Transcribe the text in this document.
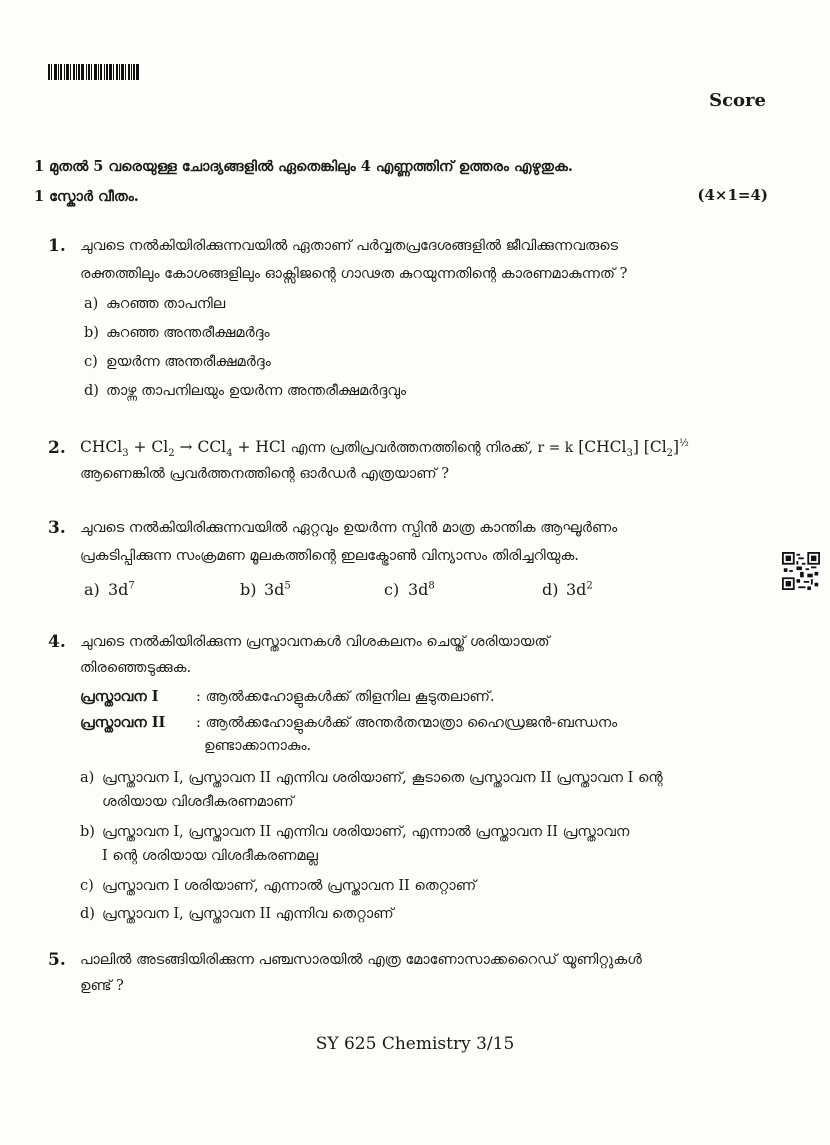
Score
1 മുതൽ 5 വരെയുള്ള ചോദ്യങ്ങളിൽ ഏതെങ്കിലും 4 എണ്ണത്തിന് ഉത്തരം എഴുതുക.
1 സ്കോർ വീതം.	(4×1=4)
1. ചുവടെ നൽകിയിരിക്കുന്നവയിൽ ഏതാണ് പർവ്വതപ്രദേശങ്ങളിൽ ജീവിക്കുന്നവരുടെ
രക്തത്തിലും കോശങ്ങളിലും ഓക്സിജന്റെ ഗാഢത കുറയുന്നതിന്റെ കാരണമാകുന്നത് ?
a) കുറഞ്ഞ താപനില
b) കുറഞ്ഞ അന്തരീക്ഷമർദ്ദം
c) ഉയർന്ന അന്തരീക്ഷമർദ്ദം
d) താഴ്ന്ന താപനിലയും ഉയർന്ന അന്തരീക്ഷമർദ്ദവും
2. CHCl$_3$ + $Cl_2 \to CCl_4$ + HCl എന്ന പ്രതിപ്രവർത്തനത്തിന്റെ നിരക്ക്, r = k [CHCl$_3$] $[Cl_2]^{\frac{1}{2}}$
ആണെങ്കിൽ പ്രവർത്തനത്തിന്റെ ഓർഡർ എത്രയാണ് ?
3. ചുവടെ നൽകിയിരിക്കുന്നവയിൽ ഏറ്റവും ഉയർന്ന സ്പിൻ മാത്ര കാന്തിക ആഘൂർണം
പ്രകടിപ്പിക്കുന്ന സംക്രമണ മൂലകത്തിന്റെ ഇലക്ട്രോൺ വിന്യാസം തിരിച്ചറിയുക.
a) $3d^7$	b) $3d^5$	c) $3d^8$	d) $3d^2$
4. ചുവടെ നൽകിയിരിക്കുന്ന പ്രസ്താവനകൾ വിശകലനം ചെയ്ത് ശരിയായത്
തിരഞ്ഞെടുക്കുക.
പ്രസ്താവന I	: ആൽക്കഹോളുകൾക്ക് തിളനില കൂടുതലാണ്.
പ്രസ്താവന II : ആൽക്കഹോളുകൾക്ക് അന്തർതന്മാത്രാ ഹൈഡ്രജൻ-ബന്ധനം
ഉണ്ടാക്കാനാകും.
a) പ്രസ്താവന I, പ്രസ്താവന II എന്നിവ ശരിയാണ്, കൂടാതെ പ്രസ്താവന II പ്രസ്താവന I ന്റെ
ശരിയായ വിശദീകരണമാണ്
b) പ്രസ്താവന I, പ്രസ്താവന II എന്നിവ ശരിയാണ്, എന്നാൽ പ്രസ്താവന II പ്രസ്താവന
I ന്റെ ശരിയായ വിശദീകരണമല്ല
c) പ്രസ്താവന I ശരിയാണ്, എന്നാൽ പ്രസ്താവന II തെറ്റാണ്
d) പ്രസ്താവന I, പ്രസ്താവന II എന്നിവ തെറ്റാണ്
5. പാലിൽ അടങ്ങിയിരിക്കുന്ന പഞ്ചസാരയിൽ എത്ര മോണോസാക്കറൈഡ് യൂണിറ്റുകൾ
ഉണ്ട് ?
SY 625 Chemistry 3/15
